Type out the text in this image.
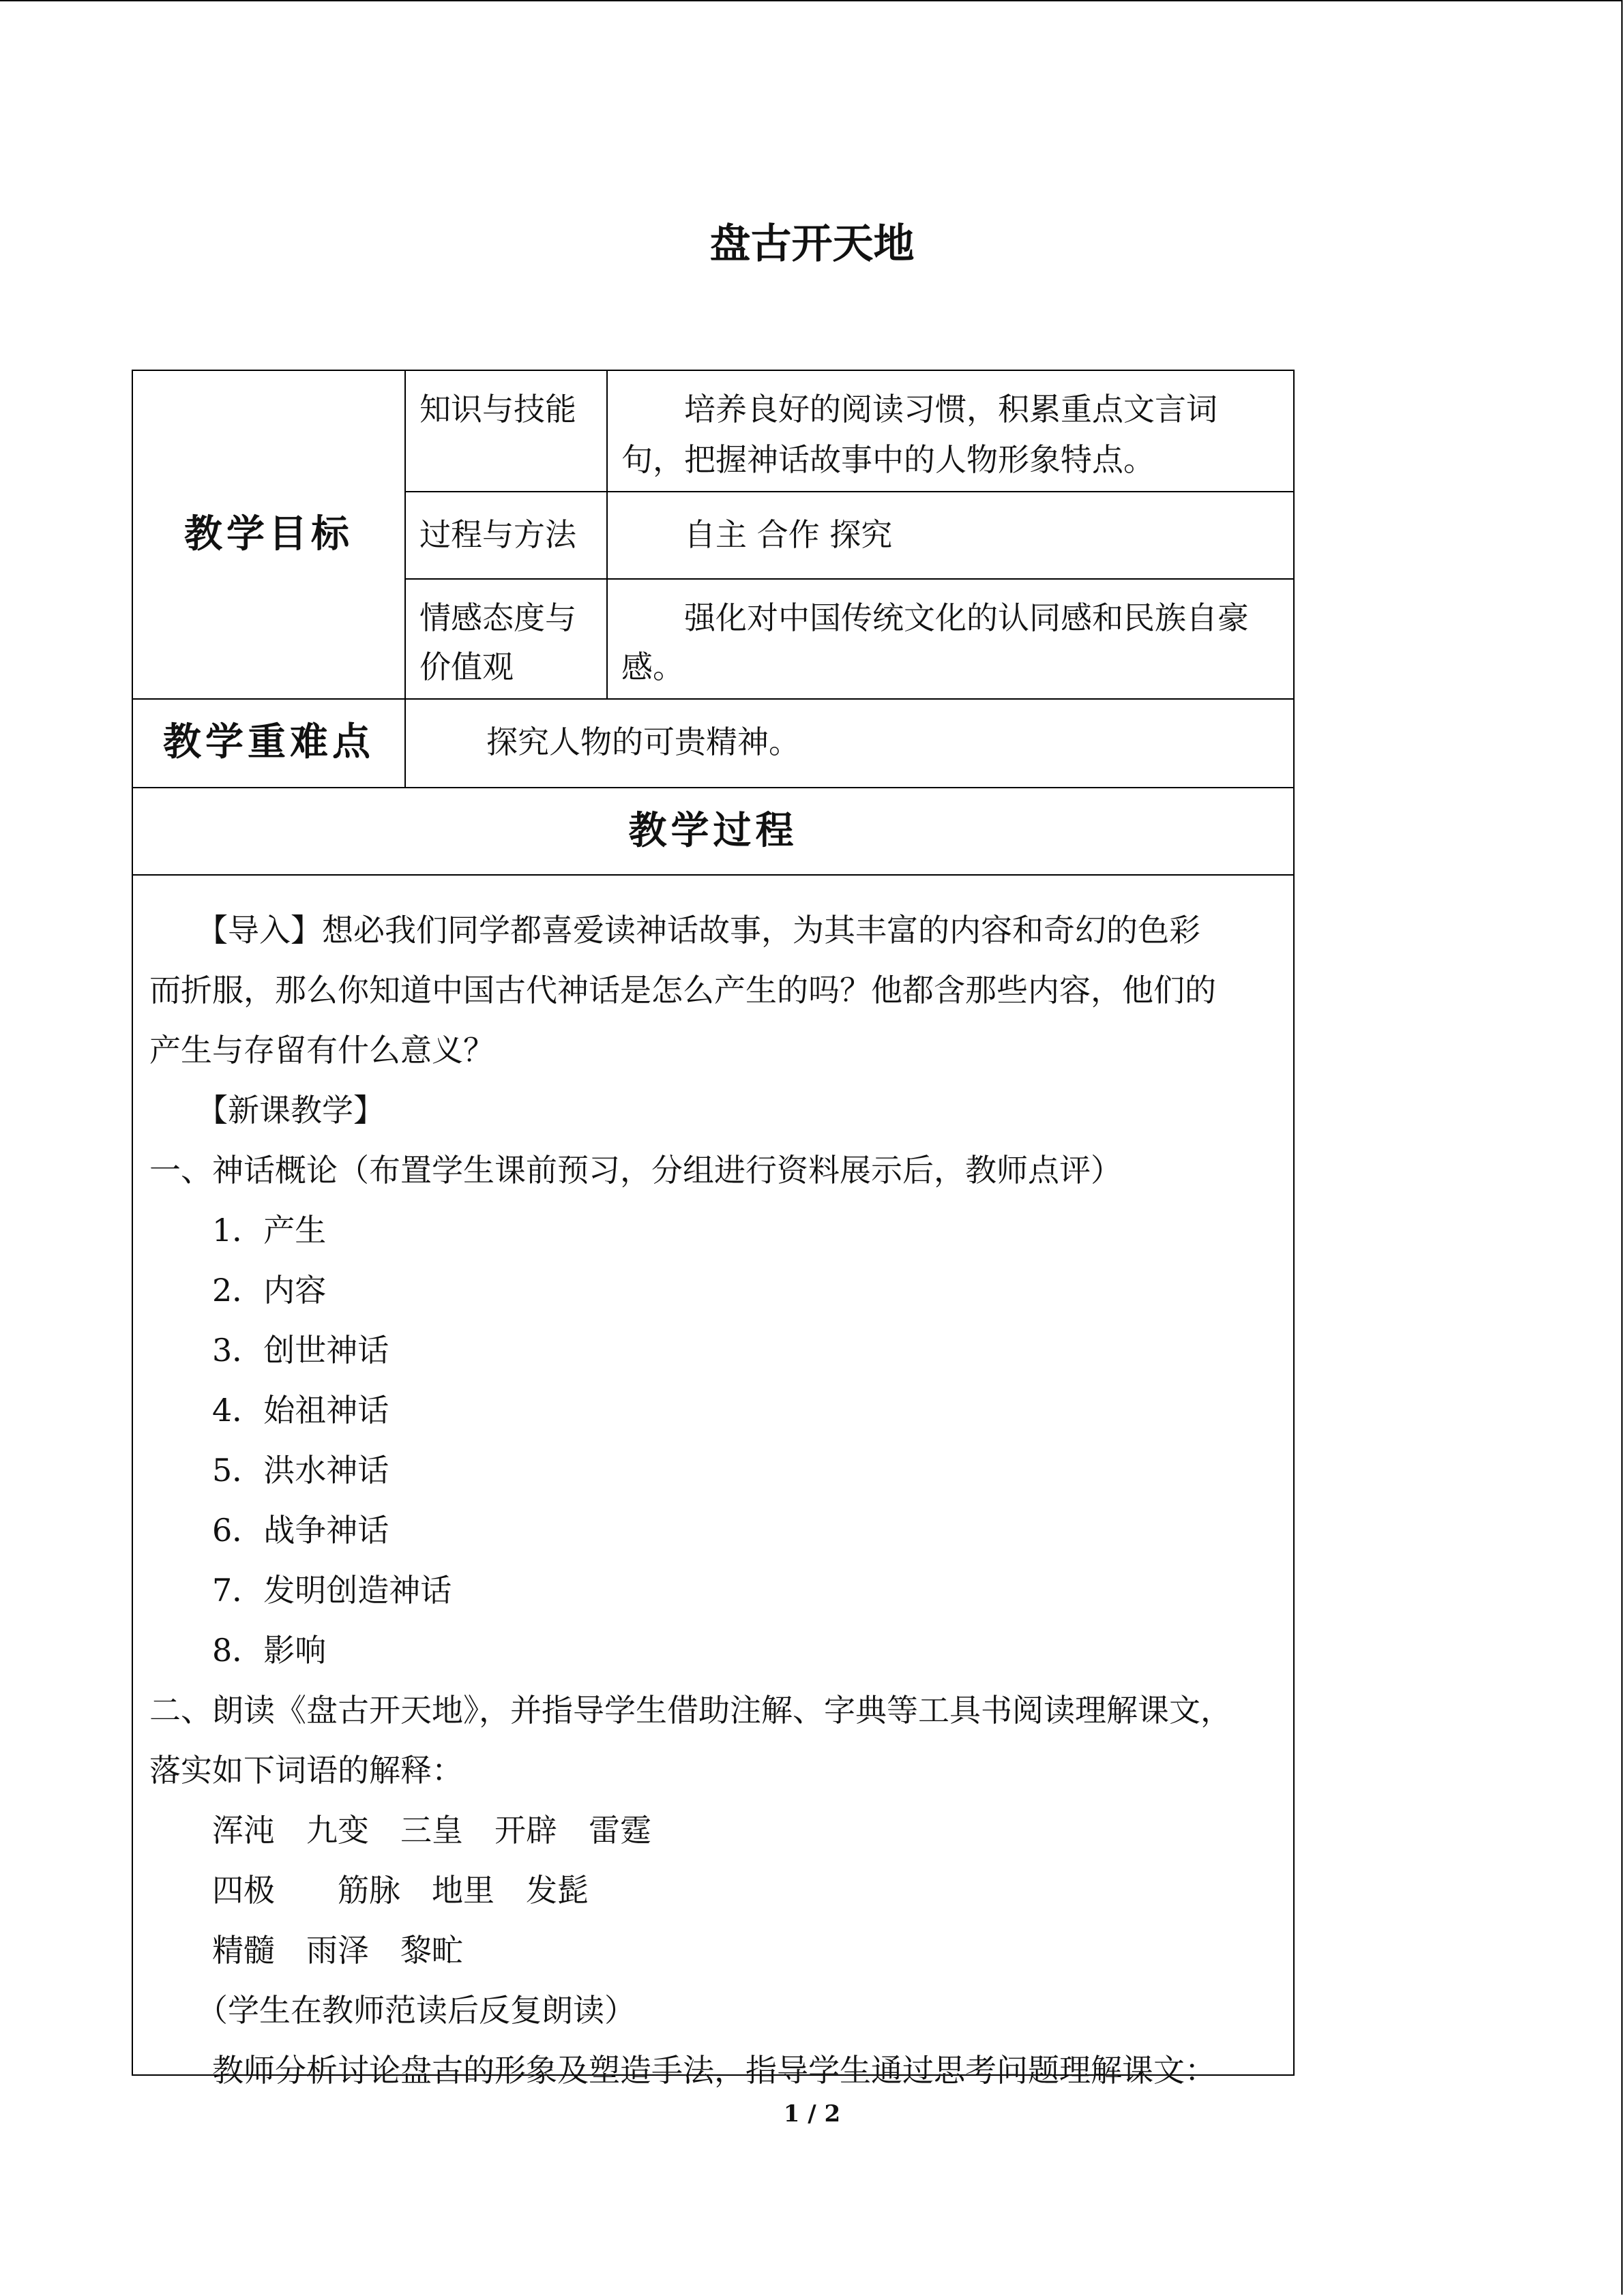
盘古开天地
教学目标
知识与技能 　　培养良好的阅读习惯，积累重点文言词
句，把握神话故事中的人物形象特点。
过程与方法 　　自主 合作 探究
情感态度与
价值观
　　强化对中国传统文化的认同感和民族自豪
感。
教学重难点	探究人物的可贵精神。
教学过程
　　【导入】想必我们同学都喜爱读神话故事，为其丰富的内容和奇幻的色彩
而折服，那么你知道中国古代神话是怎么产生的吗？他都含那些内容，他们的
产生与存留有什么意义？
　　【新课教学】
一、神话概论（布置学生课前预习，分组进行资料展示后，教师点评）
　　1．产生
　　2．内容
　　3．创世神话
　　4．始祖神话
　　5．洪水神话
　　6．战争神话
　　7．发明创造神话
　　8．影响
二、朗读《盘古开天地》，并指导学生借助注解、字典等工具书阅读理解课文，
落实如下词语的解释：
　　浑沌　九变　三皇　开辟　雷霆
　　四极　　筋脉　地里　发髭
　　精髓　雨泽　黎甿
　　（学生在教师范读后反复朗读）
　　教师分析讨论盘古的形象及塑造手法，指导学生通过思考问题理解课文：
1 / 2
